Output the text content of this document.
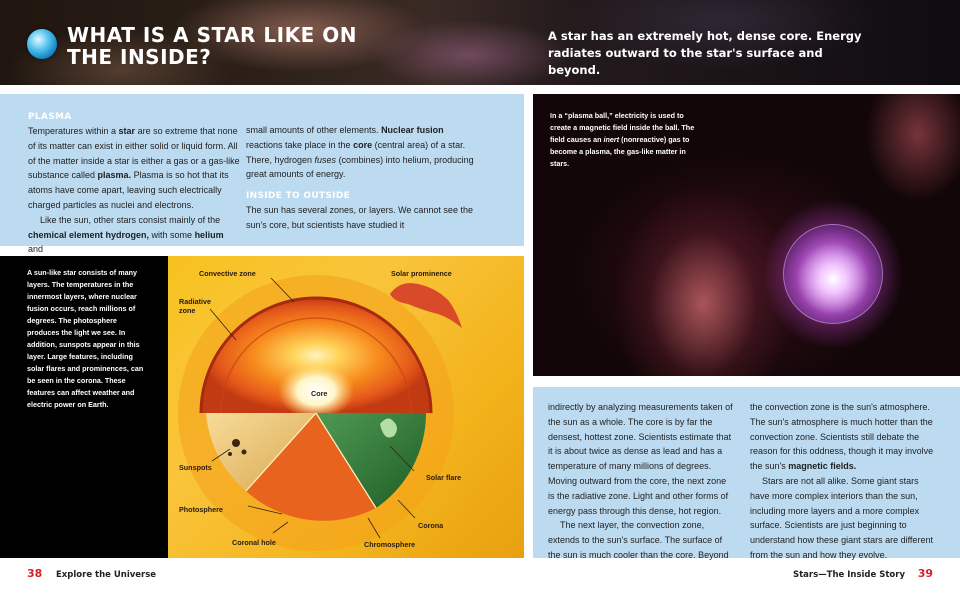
WHAT IS A STAR LIKE ON THE INSIDE?
A star has an extremely hot, dense core. Energy radiates outward to the star's surface and beyond.
PLASMA

Temperatures within a star are so extreme that none of its matter can exist in either solid or liquid form. All of the matter inside a star is either a gas or a gas-like substance called plasma. Plasma is so hot that its atoms have come apart, leaving such electrically charged particles as nuclei and electrons.

Like the sun, other stars consist mainly of the chemical element hydrogen, with some helium and

small amounts of other elements. Nuclear fusion reactions take place in the core (central area) of a star. There, hydrogen fuses (combines) into helium, producing great amounts of energy.

INSIDE TO OUTSIDE

The sun has several zones, or layers. We cannot see the sun's core, but scientists have studied it

In a “plasma ball,” electricity is used to create a magnetic field inside the ball. The field causes an inert (nonreactive) gas to become a plasma, the gas-like matter in stars.
A sun-like star consists of many layers. The temperatures in the innermost layers, where nuclear fusion occurs, reach millions of degrees. The photosphere produces the light we see. In addition, sunspots appear in this layer. Large features, including solar flares and prominences, can be seen in the corona. These features can affect weather and electric power on Earth.
Convective zone
Radiative zone
Solar prominence
Core
Sunspots
Solar flare
Photosphere
Corona
Coronal hole	Chromosphere

indirectly by analyzing measurements taken of the sun as a whole. The core is by far the densest, hottest zone. Scientists estimate that it is about twice as dense as lead and has a temperature of many millions of degrees. Moving outward from the core, the next zone is the radiative zone. Light and other forms of energy pass through this dense, hot region.

The next layer, the convection zone, extends to the sun's surface. The surface of the sun is much cooler than the core. Beyond

the convection zone is the sun's atmosphere. The sun's atmosphere is much hotter than the convection zone. Scientists still debate the reason for this oddness, though it may involve the sun's magnetic fields.

Stars are not all alike. Some giant stars have more complex interiors than the sun, including more layers and a more complex surface. Scientists are just beginning to understand how these giant stars are different from the sun and how they evolve.

38 Explore the Universe	Stars—The Inside Story 39
